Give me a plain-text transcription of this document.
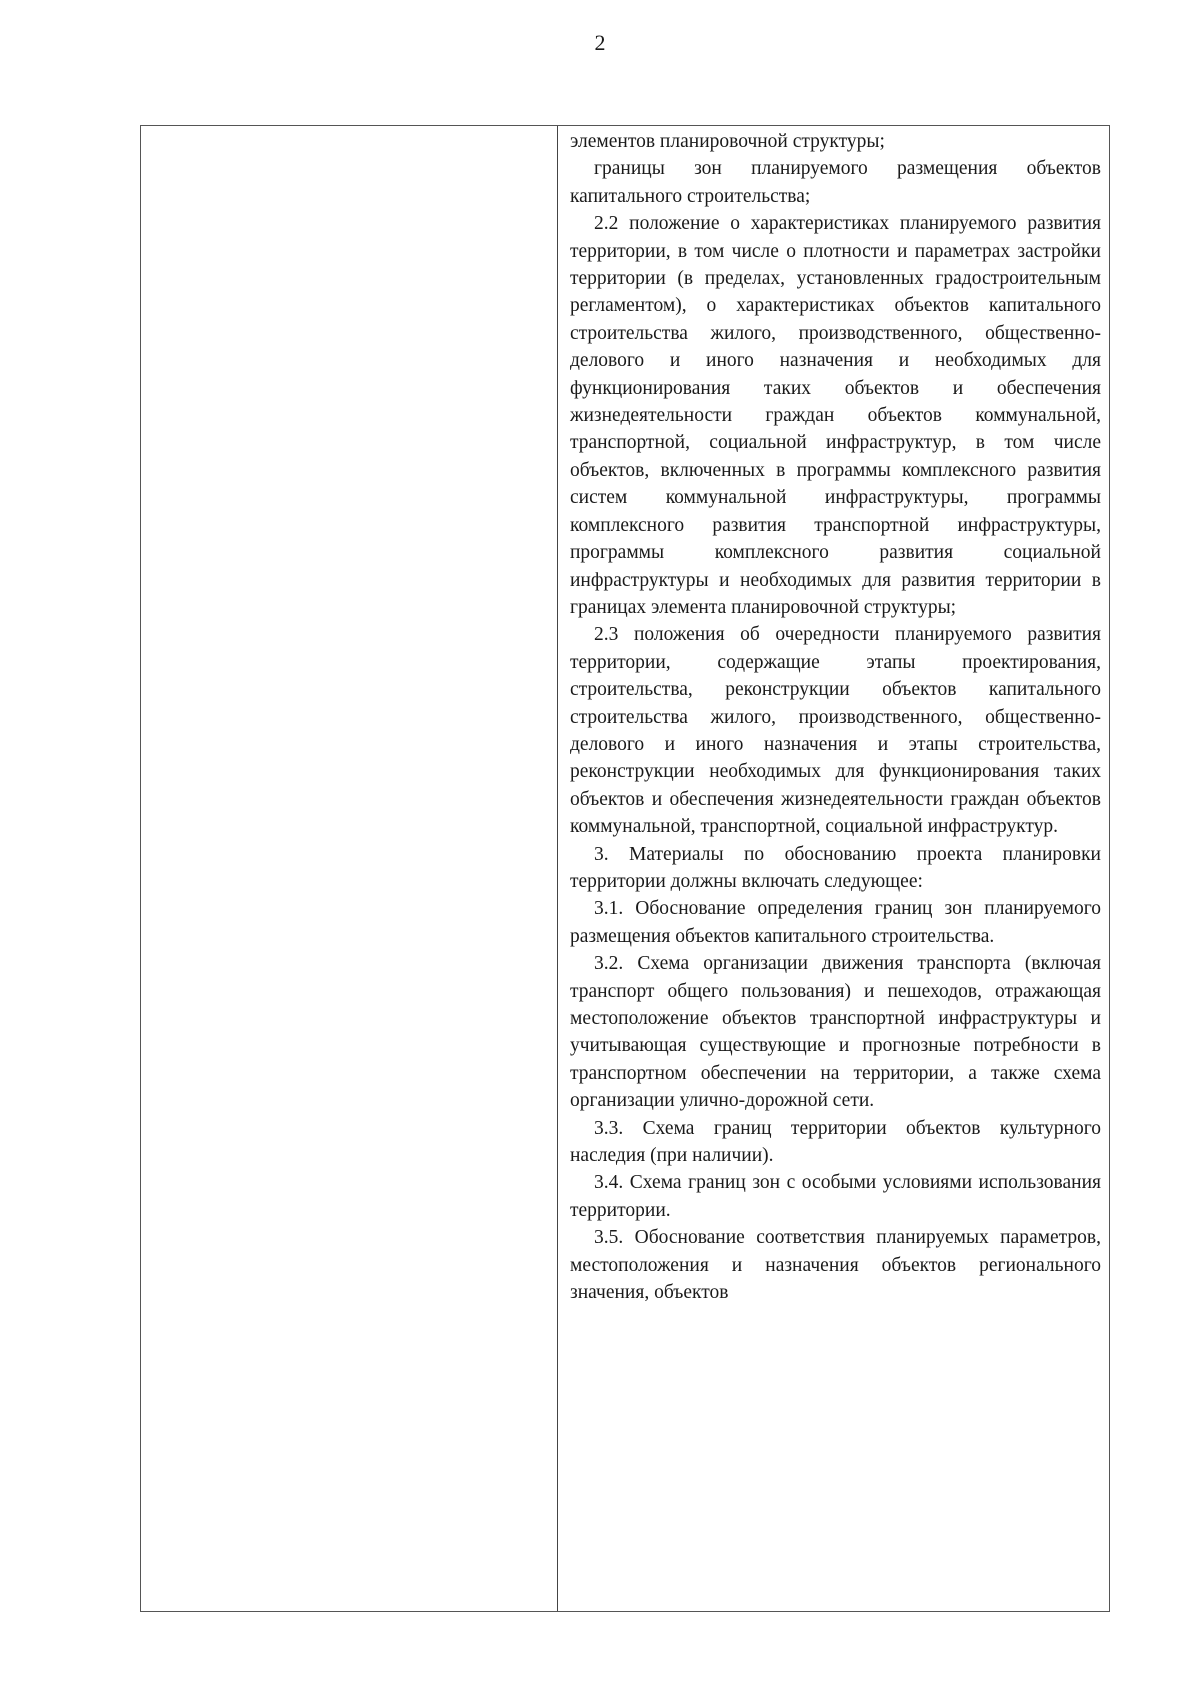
2

элементов планировочной структуры;

границы зон планируемого размещения объектов капитального строительства;

2.2 положение о характеристиках планируемого развития территории, в том числе о плотности и параметрах застройки территории (в пределах, установленных градостроительным регламентом), о характеристиках объектов капитального строительства жилого, производственного, общественно-делового и иного назначения и необходимых для функционирования таких объектов и обеспечения жизнедеятельности граждан объектов коммунальной, транспортной, социальной инфраструктур, в том числе объектов, включенных в программы комплексного развития систем коммунальной инфраструктуры, программы комплексного развития транспортной инфраструктуры, программы комплексного развития социальной инфраструктуры и необходимых для развития территории в границах элемента планировочной структуры;

2.3 положения об очередности планируемого развития территории, содержащие этапы проектирования, строительства, реконструкции объектов капитального строительства жилого, производственного, общественно-делового и иного назначения и этапы строительства, реконструкции необходимых для функционирования таких объектов и обеспечения жизнедеятельности граждан объектов коммунальной, транспортной, социальной инфраструктур.

3. Материалы по обоснованию проекта планировки территории должны включать следующее:

3.1. Обоснование определения границ зон планируемого размещения объектов капитального строительства.

3.2. Схема организации движения транспорта (включая транспорт общего пользования) и пешеходов, отражающая местоположение объектов транспортной инфраструктуры и учитывающая существующие и прогнозные потребности в транспортном обеспечении на территории, а также схема организации улично-дорожной сети.

3.3. Схема границ территории объектов культурного наследия (при наличии).

3.4. Схема границ зон с особыми условиями использования территории.

3.5. Обоснование соответствия планируемых параметров, местоположения и назначения объектов регионального значения, объектов
